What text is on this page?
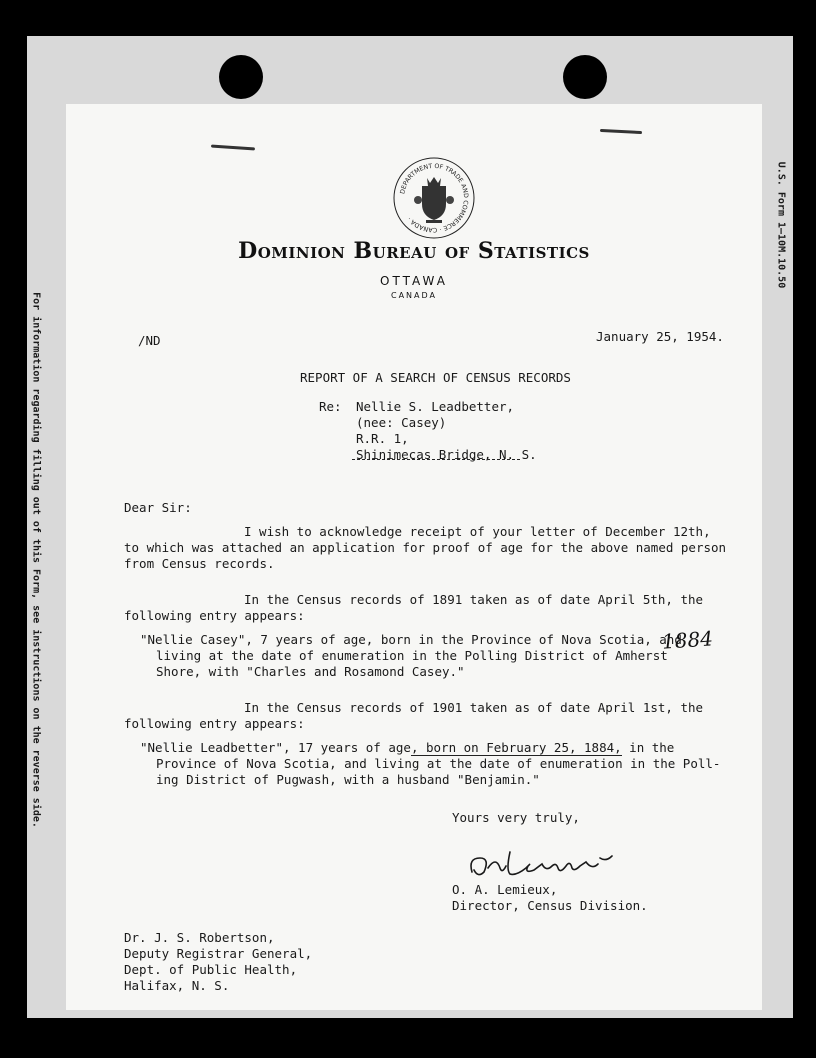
For information regarding filling out of this Form, see instructions on the reverse side.
U.S. Form 1—10M.10.50
DEPARTMENT OF TRADE AND COMMERCE · CANADA ·
Dominion Bureau of Statistics
OTTAWA
CANADA
/ND	January 25, 1954.
REPORT OF A SEARCH OF CENSUS RECORDS
Re: Nellie S. Leadbetter,
(nee: Casey)
R.R. 1,
Shinimecas Bridge, N. S.
Dear Sir:
I wish to acknowledge receipt of your letter of December 12th,
to which was attached an application for proof of age for the above named person
from Census records.
In the Census records of 1891 taken as of date April 5th, the
following entry appears:
"Nellie Casey", 7 years of age, born in the Province of Nova Scotia, and
living at the date of enumeration in the Polling District of Amherst
Shore, with "Charles and Rosamond Casey."
1884
In the Census records of 1901 taken as of date April 1st, the
following entry appears:
"Nellie Leadbetter", 17 years of age, born on February 25, 1884, in the
Province of Nova Scotia, and living at the date of enumeration in the Poll-
ing District of Pugwash, with a husband "Benjamin."
Yours very truly,
O. A. Lemieux,
Director, Census Division.
Dr. J. S. Robertson,
Deputy Registrar General,
Dept. of Public Health,
Halifax, N. S.
